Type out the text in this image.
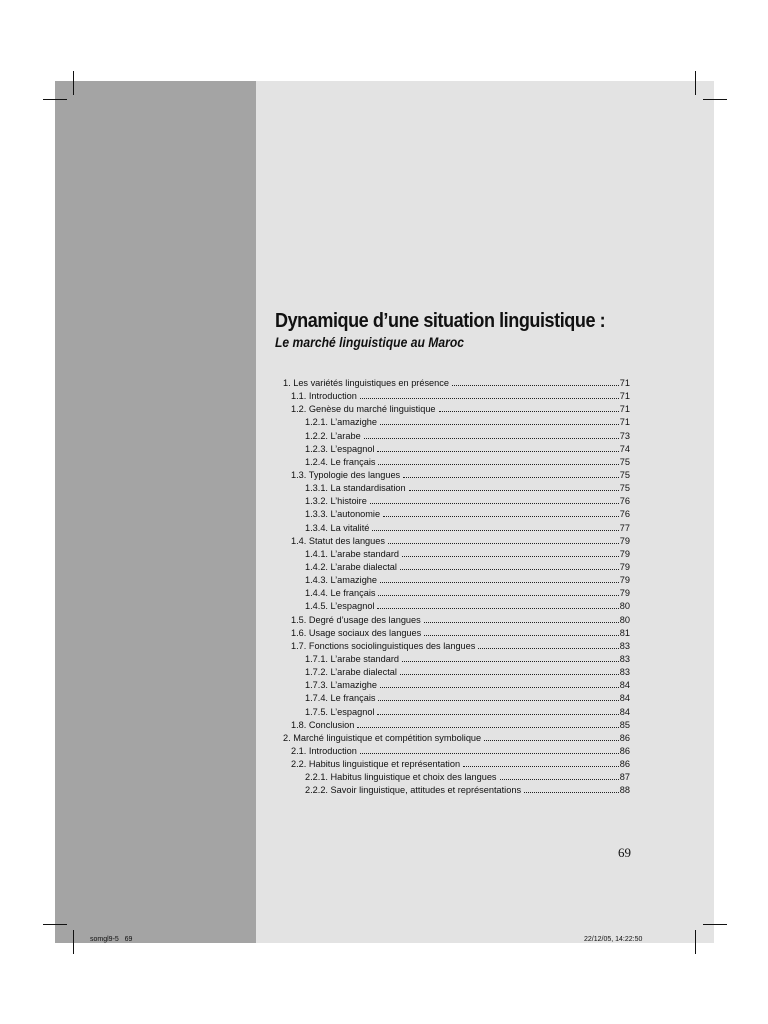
Dynamique d’une situation linguistique :
Le marché linguistique au Maroc
1. Les variétés linguistiques en présence	71
1.1. Introduction	71
1.2. Genèse du marché linguistique	71
1.2.1. L’amazighe	71
1.2.2. L’arabe	73
1.2.3. L’espagnol	74
1.2.4. Le français	75
1.3. Typologie des langues	75
1.3.1. La standardisation	75
1.3.2. L’histoire	76
1.3.3. L’autonomie	76
1.3.4. La vitalité	77
1.4. Statut des langues	79
1.4.1. L’arabe standard	79
1.4.2. L’arabe dialectal	79
1.4.3. L’amazighe	79
1.4.4. Le français	79
1.4.5. L’espagnol	80
1.5. Degré d’usage des langues	80
1.6. Usage sociaux des langues	81
1.7. Fonctions sociolinguistiques des langues	83
1.7.1. L’arabe standard	83
1.7.2. L’arabe dialectal	83
1.7.3. L’amazighe	84
1.7.4. Le français	84
1.7.5. L’espagnol	84
1.8. Conclusion	85
2. Marché linguistique et compétition symbolique	86
2.1. Introduction	86
2.2. Habitus linguistique et représentation	86
2.2.1. Habitus linguistique et choix des langues	87
2.2.2. Savoir linguistique, attitudes et représentations	88
69
somgl9-5   69	22/12/05, 14:22:50
